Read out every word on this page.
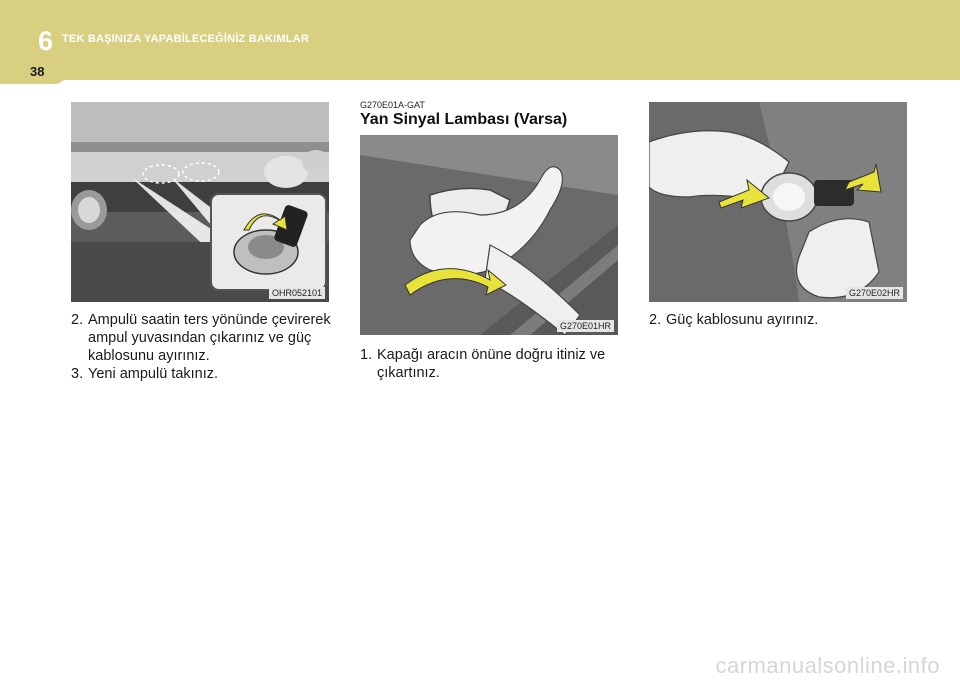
6 TEK BAŞINIZA YAPABİLECEĞİNİZ BAKIMLAR
38
OHR052101
2. Ampulü saatin ters yönünde çevirerek ampul yuvasından çıkarınız ve güç kablosunu ayırınız.
3. Yeni ampulü takınız.
G270E01A-GAT
Yan Sinyal Lambası (Varsa)
G270E01HR
1. Kapağı aracın önüne doğru itiniz ve çıkartınız.
G270E02HR
2. Güç kablosunu ayırınız.
carmanualsonline.info
